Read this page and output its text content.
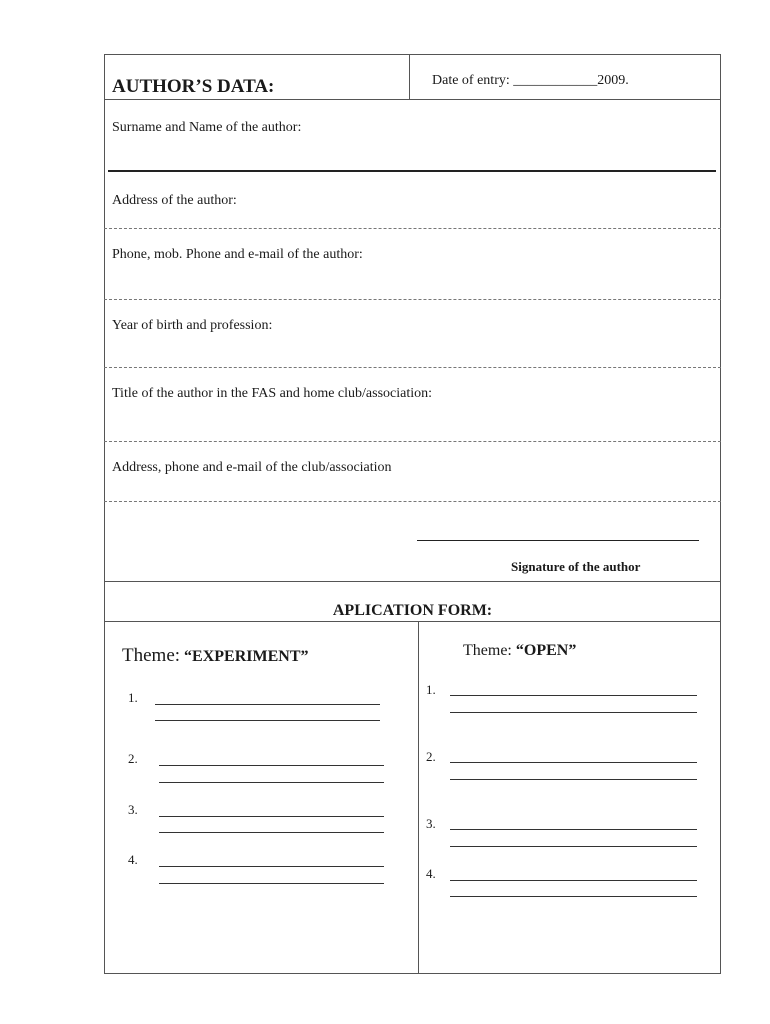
AUTHOR’S DATA:	Date of entry: ____________2009.
Surname and Name of the author:
Address of the author:
Phone, mob. Phone and e-mail of the author:
Year of birth and profession:
Title of the author in the FAS and home club/association:
Address, phone and e-mail of the club/association
Signature of the author
APLICATION FORM:
Theme: “EXPERIMENT”
1.
2.
3.
4.
Theme: “OPEN”
1.
2.
3.
4.
